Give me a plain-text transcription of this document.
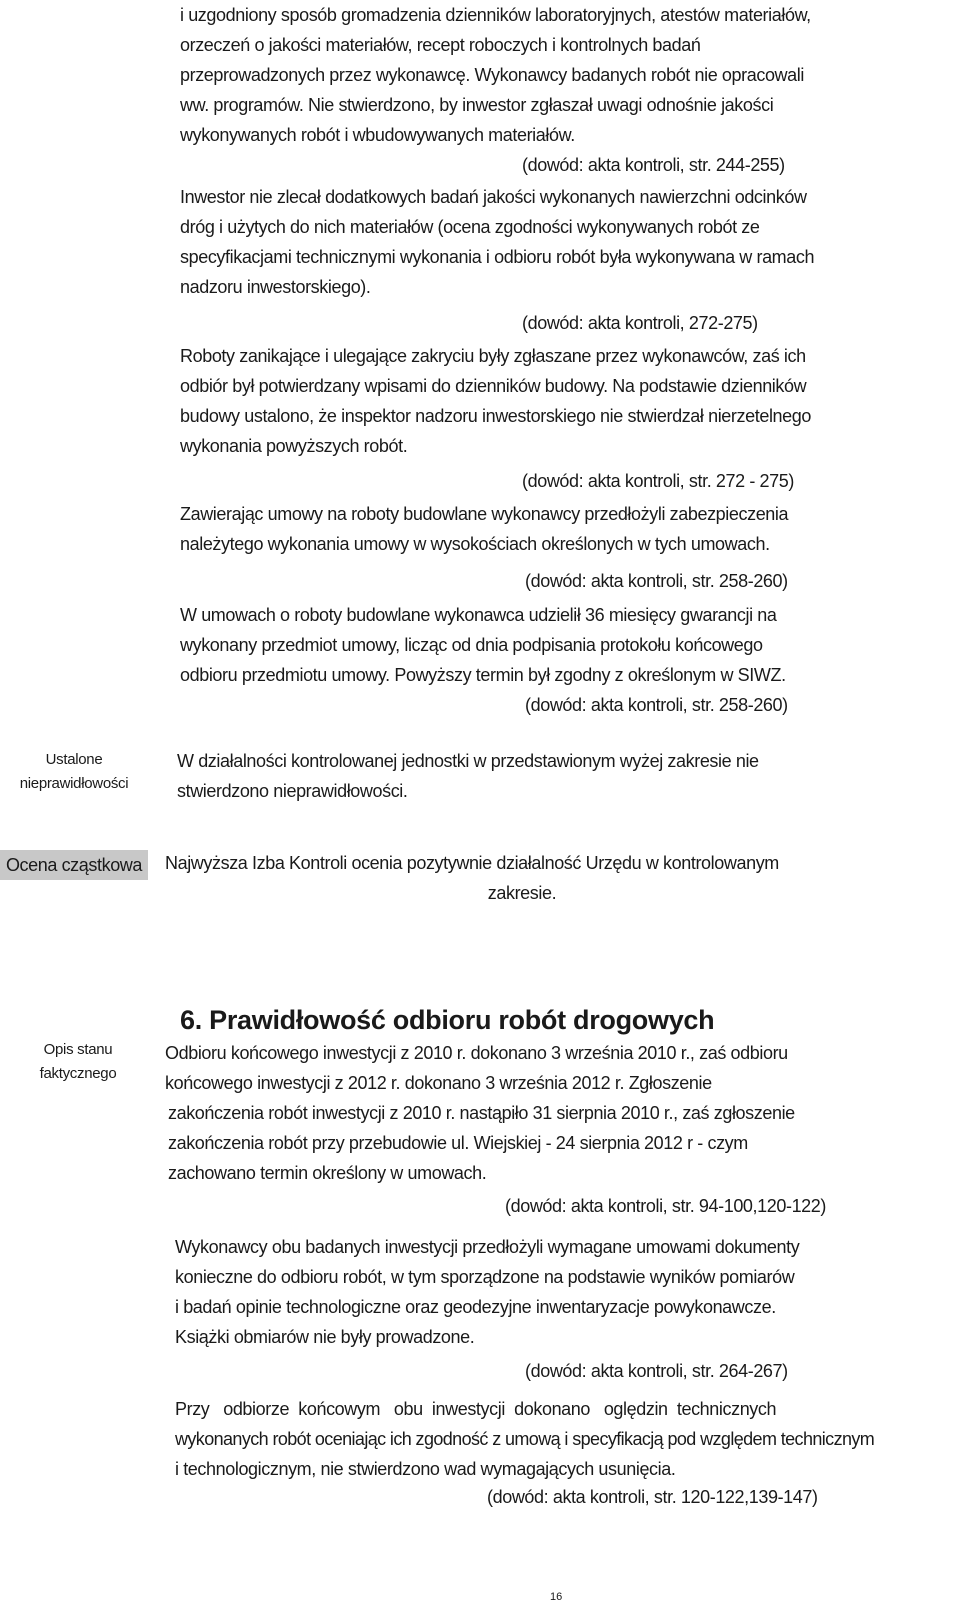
i uzgodniony sposób gromadzenia dzienników laboratoryjnych, atestów materiałów,

orzeczeń o jakości materiałów, recept roboczych i kontrolnych badań

przeprowadzonych przez wykonawcę. Wykonawcy badanych robót nie opracowali

ww. programów. Nie stwierdzono, by inwestor zgłaszał uwagi odnośnie jakości

wykonywanych robót i wbudowywanych materiałów.

(dowód: akta kontroli, str. 244-255)

Inwestor nie zlecał dodatkowych badań jakości wykonanych nawierzchni odcinków

dróg i użytych do nich materiałów (ocena zgodności wykonywanych robót ze

specyfikacjami technicznymi wykonania i odbioru robót była wykonywana w ramach

nadzoru inwestorskiego).

(dowód: akta kontroli, 272-275)

Roboty zanikające i ulegające zakryciu były zgłaszane przez wykonawców, zaś ich

odbiór był potwierdzany wpisami do dzienników budowy. Na podstawie dzienników

budowy ustalono, że inspektor nadzoru inwestorskiego nie stwierdzał nierzetelnego

wykonania powyższych robót.

(dowód: akta kontroli, str. 272 - 275)

Zawierając umowy na roboty budowlane wykonawcy przedłożyli zabezpieczenia

należytego wykonania umowy w wysokościach określonych w tych umowach.

(dowód: akta kontroli, str. 258-260)

W umowach o roboty budowlane wykonawca udzielił 36 miesięcy gwarancji na

wykonany przedmiot umowy, licząc od dnia podpisania protokołu końcowego

odbioru przedmiotu umowy. Powyższy termin był zgodny z określonym w SIWZ.

(dowód: akta kontroli, str. 258-260)
Ustalone
nieprawidłowości

W działalności kontrolowanej jednostki w przedstawionym wyżej zakresie nie

stwierdzono nieprawidłowości.

Ocena cząstkowa	Najwyższa Izba Kontroli ocenia pozytywnie działalność Urzędu w kontrolowanym

zakresie.

6. Prawidłowość odbioru robót drogowych
Opis stanu
faktycznego

Odbioru końcowego inwestycji z 2010 r. dokonano 3 września 2010 r., zaś odbioru

końcowego inwestycji z 2012 r. dokonano 3 września 2012 r. Zgłoszenie

zakończenia robót inwestycji z 2010 r. nastąpiło 31 sierpnia 2010 r., zaś zgłoszenie

zakończenia robót przy przebudowie ul. Wiejskiej - 24 sierpnia 2012 r - czym

zachowano termin określony w umowach.

(dowód: akta kontroli, str. 94-100,120-122)

Wykonawcy obu badanych inwestycji przedłożyli wymagane umowami dokumenty

konieczne do odbioru robót, w tym sporządzone na podstawie wyników pomiarów

i badań opinie technologiczne oraz geodezyjne inwentaryzacje powykonawcze.

Książki obmiarów nie były prowadzone.

(dowód: akta kontroli, str. 264-267)

Przy   odbiorze  końcowym   obu  inwestycji  dokonano   oględzin  technicznych

wykonanych robót oceniając ich zgodność z umową i specyfikacją pod względem technicznym

i technologicznym, nie stwierdzono wad wymagających usunięcia.

(dowód: akta kontroli, str. 120-122,139-147)
16
